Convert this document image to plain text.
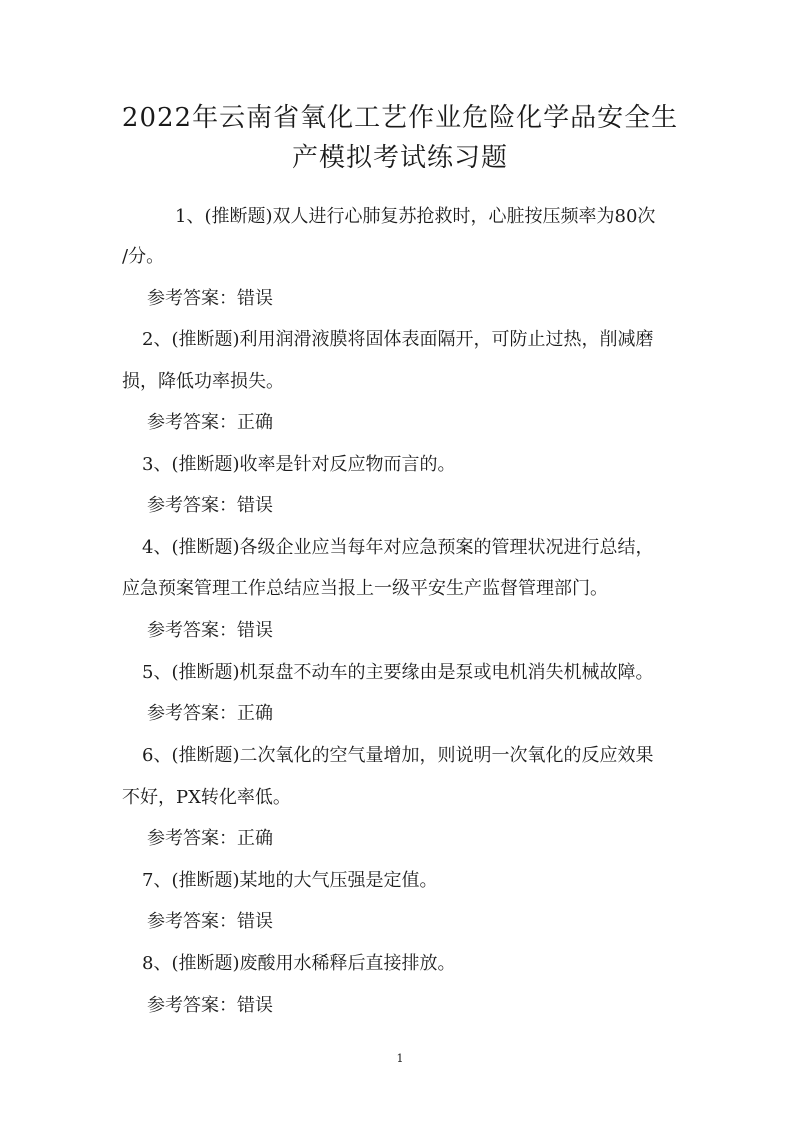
2022年云南省氧化工艺作业危险化学品安全生
产模拟考试练习题
1、(推断题)双人进行心肺复苏抢救时，心脏按压频率为80次
/分。
参考答案：错误
2、(推断题)利用润滑液膜将固体表面隔开，可防止过热，削减磨
损，降低功率损失。
参考答案：正确
3、(推断题)收率是针对反应物而言的。
参考答案：错误
4、(推断题)各级企业应当每年对应急预案的管理状况进行总结，
应急预案管理工作总结应当报上一级平安生产监督管理部门。
参考答案：错误
5、(推断题)机泵盘不动车的主要缘由是泵或电机消失机械故障。
参考答案：正确
6、(推断题)二次氧化的空气量增加，则说明一次氧化的反应效果
不好，PX转化率低。
参考答案：正确
7、(推断题)某地的大气压强是定值。
参考答案：错误
8、(推断题)废酸用水稀释后直接排放。
参考答案：错误
1
